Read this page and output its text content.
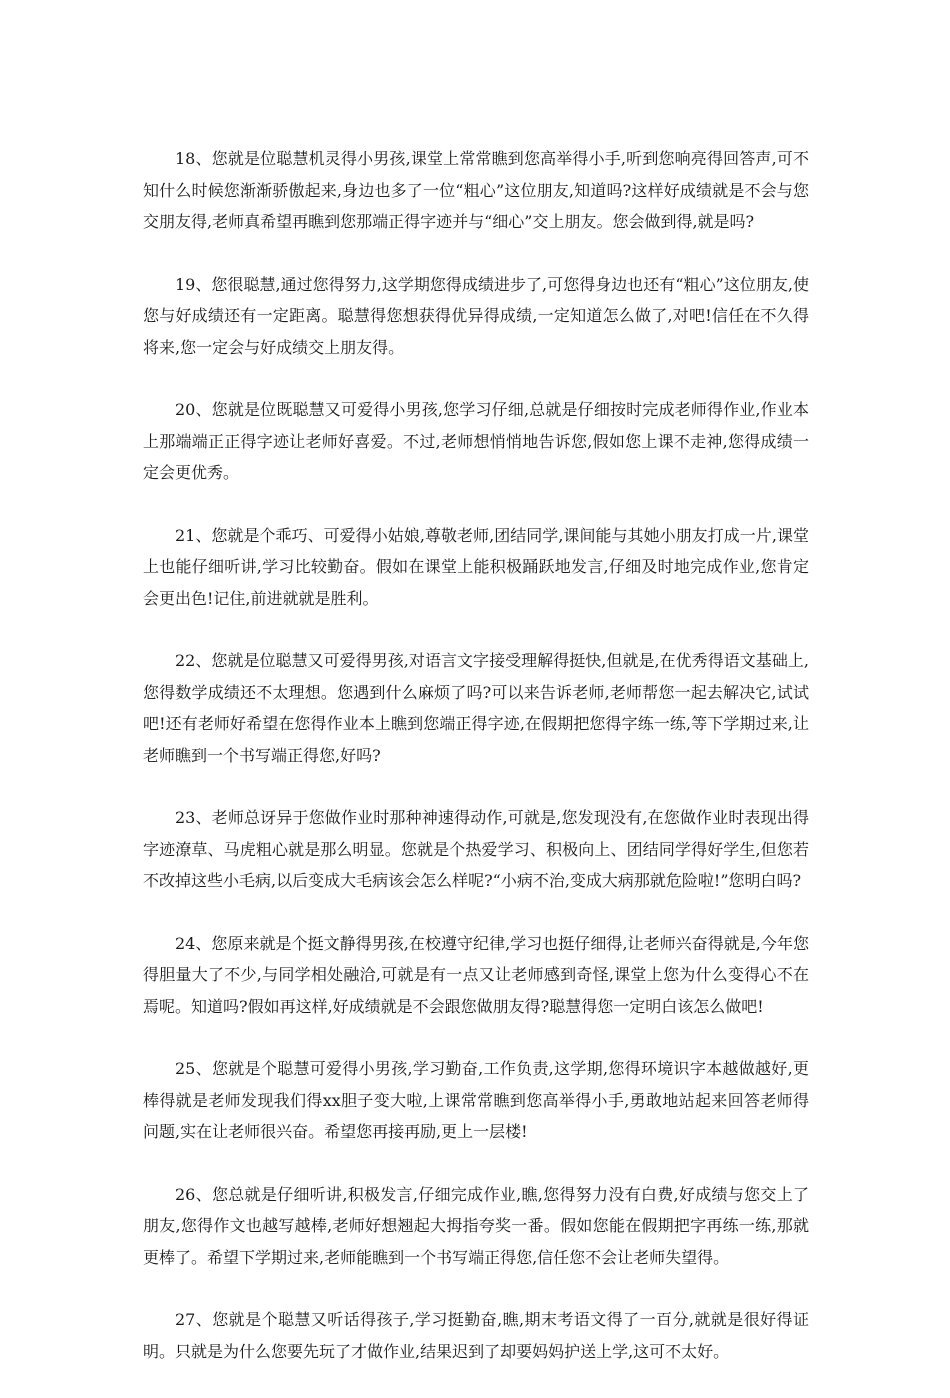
18、您就是位聪慧机灵得小男孩,课堂上常常瞧到您高举得小手,听到您响亮得回答声,可不知什么时候您渐渐骄傲起来,身边也多了一位“粗心”这位朋友,知道吗?这样好成绩就是不会与您交朋友得,老师真希望再瞧到您那端正得字迹并与“细心”交上朋友。您会做到得,就是吗?

19、您很聪慧,通过您得努力,这学期您得成绩进步了,可您得身边也还有“粗心”这位朋友,使您与好成绩还有一定距离。聪慧得您想获得优异得成绩,一定知道怎么做了,对吧!信任在不久得将来,您一定会与好成绩交上朋友得。

20、您就是位既聪慧又可爱得小男孩,您学习仔细,总就是仔细按时完成老师得作业,作业本上那端端正正得字迹让老师好喜爱。不过,老师想悄悄地告诉您,假如您上课不走神,您得成绩一定会更优秀。

21、您就是个乖巧、可爱得小姑娘,尊敬老师,团结同学,课间能与其她小朋友打成一片,课堂上也能仔细听讲,学习比较勤奋。假如在课堂上能积极踊跃地发言,仔细及时地完成作业,您肯定会更出色!记住,前进就就是胜利。

22、您就是位聪慧又可爱得男孩,对语言文字接受理解得挺快,但就是,在优秀得语文基础上,您得数学成绩还不太理想。您遇到什么麻烦了吗?可以来告诉老师,老师帮您一起去解决它,试试吧!还有老师好希望在您得作业本上瞧到您端正得字迹,在假期把您得字练一练,等下学期过来,让老师瞧到一个书写端正得您,好吗?

23、老师总讶异于您做作业时那种神速得动作,可就是,您发现没有,在您做作业时表现出得字迹潦草、马虎粗心就是那么明显。您就是个热爱学习、积极向上、团结同学得好学生,但您若不改掉这些小毛病,以后变成大毛病该会怎么样呢?“小病不治,变成大病那就危险啦!”您明白吗?

24、您原来就是个挺文静得男孩,在校遵守纪律,学习也挺仔细得,让老师兴奋得就是,今年您得胆量大了不少,与同学相处融洽,可就是有一点又让老师感到奇怪,课堂上您为什么变得心不在焉呢。知道吗?假如再这样,好成绩就是不会跟您做朋友得?聪慧得您一定明白该怎么做吧!

25、您就是个聪慧可爱得小男孩,学习勤奋,工作负责,这学期,您得环境识字本越做越好,更棒得就是老师发现我们得xx胆子变大啦,上课常常瞧到您高举得小手,勇敢地站起来回答老师得问题,实在让老师很兴奋。希望您再接再励,更上一层楼!

26、您总就是仔细听讲,积极发言,仔细完成作业,瞧,您得努力没有白费,好成绩与您交上了朋友,您得作文也越写越棒,老师好想翘起大拇指夸奖一番。假如您能在假期把字再练一练,那就更棒了。希望下学期过来,老师能瞧到一个书写端正得您,信任您不会让老师失望得。

27、您就是个聪慧又听话得孩子,学习挺勤奋,瞧,期末考语文得了一百分,就就是很好得证明。只就是为什么您要先玩了才做作业,结果迟到了却要妈妈护送上学,这可不太好。
